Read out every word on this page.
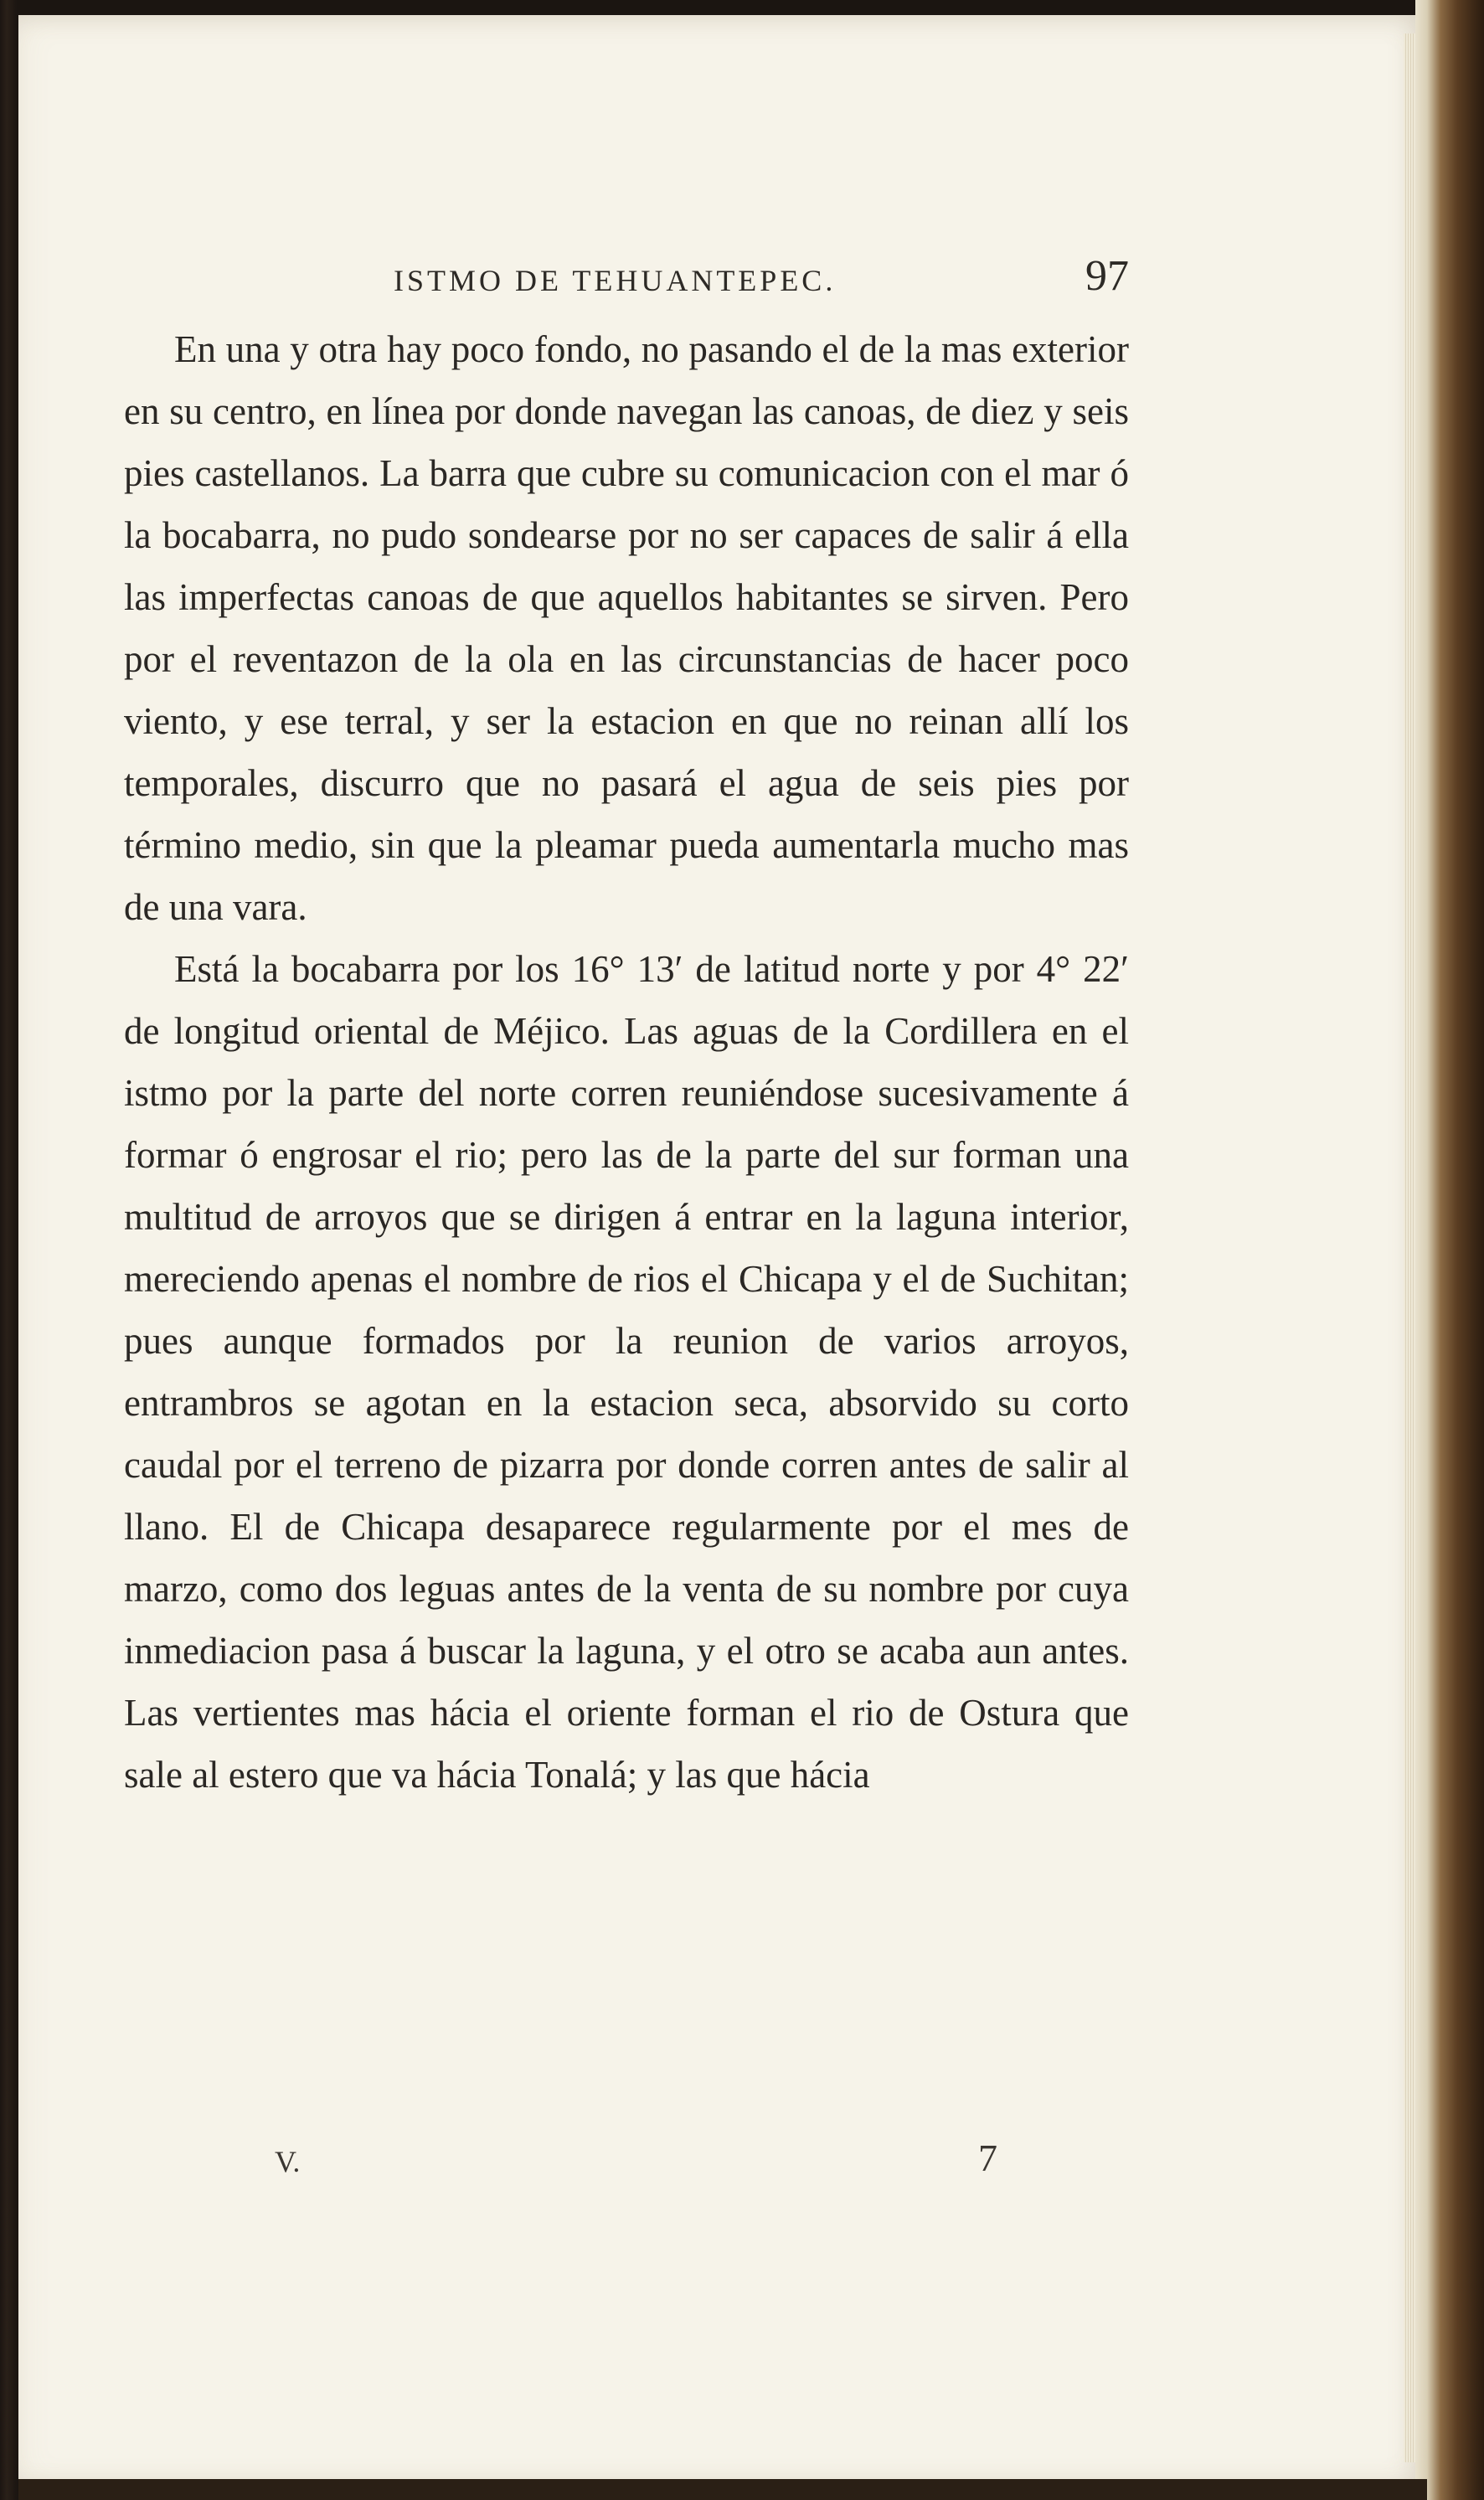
ISTMO DE TEHUANTEPEC.	97

En una y otra hay poco fondo, no pasando el de la mas exterior en su centro, en línea por donde navegan las canoas, de diez y seis pies castellanos. La barra que cubre su comunicacion con el mar ó la bocabarra, no pudo sondearse por no ser capaces de salir á ella las imperfectas canoas de que aquellos habitantes se sirven. Pero por el reventazon de la ola en las circunstancias de hacer poco viento, y ese terral, y ser la estacion en que no reinan allí los temporales, discurro que no pasará el agua de seis pies por término medio, sin que la pleamar pueda aumentarla mucho mas de una vara.

Está la bocabarra por los 16° 13′ de latitud norte y por 4° 22′ de longitud oriental de Méjico. Las aguas de la Cordillera en el istmo por la parte del norte corren reuniéndose sucesivamente á formar ó engrosar el rio; pero las de la parte del sur forman una multitud de arroyos que se dirigen á entrar en la laguna interior, mereciendo apenas el nombre de rios el Chicapa y el de Suchitan; pues aunque formados por la reunion de varios arroyos, entrambros se agotan en la estacion seca, absorvido su corto caudal por el terreno de pizarra por donde corren antes de salir al llano. El de Chicapa desaparece regularmente por el mes de marzo, como dos leguas antes de la venta de su nombre por cuya inmediacion pasa á buscar la laguna, y el otro se acaba aun antes. Las vertientes mas hácia el oriente forman el rio de Ostura que sale al estero que va hácia Tonalá; y las que hácia

V.	7
